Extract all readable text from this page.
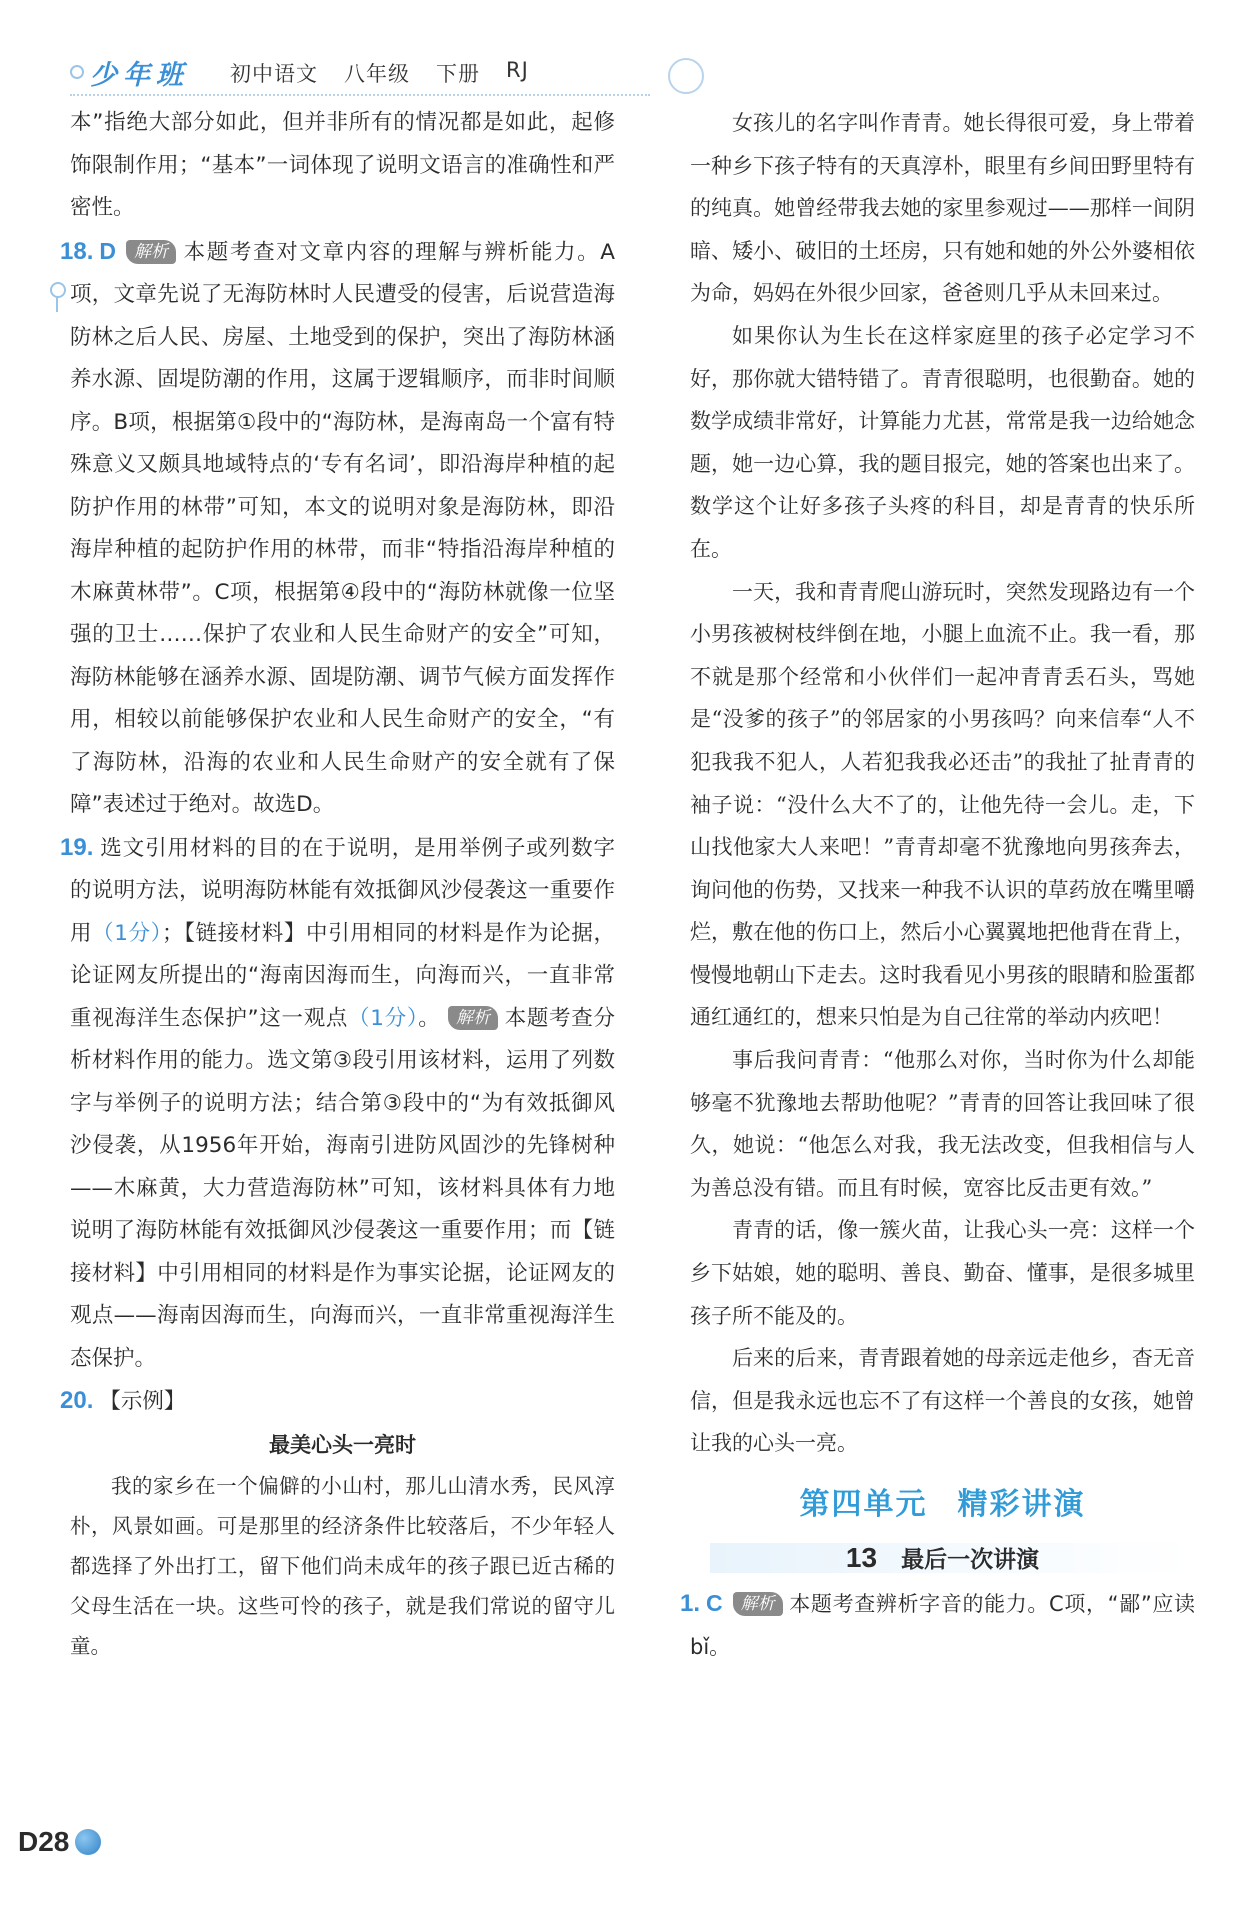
少年班 初中语文 八年级 下册 RJ

本”指绝大部分如此，但并非所有的情况都是如此，起修饰限制作用；“基本”一词体现了说明文语言的准确性和严密性。

18. D 解析 本题考查对文章内容的理解与辨析能力。A项，文章先说了无海防林时人民遭受的侵害，后说营造海防林之后人民、房屋、土地受到的保护，突出了海防林涵养水源、固堤防潮的作用，这属于逻辑顺序，而非时间顺序。B项，根据第①段中的“海防林，是海南岛一个富有特殊意义又颇具地域特点的‘专有名词’，即沿海岸种植的起防护作用的林带”可知，本文的说明对象是海防林，即沿海岸种植的起防护作用的林带，而非“特指沿海岸种植的木麻黄林带”。C项，根据第④段中的“海防林就像一位坚强的卫士……保护了农业和人民生命财产的安全”可知，海防林能够在涵养水源、固堤防潮、调节气候方面发挥作用，相较以前能够保护农业和人民生命财产的安全，“有了海防林，沿海的农业和人民生命财产的安全就有了保障”表述过于绝对。故选D。

19. 选文引用材料的目的在于说明，是用举例子或列数字的说明方法，说明海防林能有效抵御风沙侵袭这一重要作用（1分）；【链接材料】中引用相同的材料是作为论据，论证网友所提出的“海南因海而生，向海而兴，一直非常重视海洋生态保护”这一观点（1分）。 解析 本题考查分析材料作用的能力。选文第③段引用该材料，运用了列数字与举例子的说明方法；结合第③段中的“为有效抵御风沙侵袭，从1956年开始，海南引进防风固沙的先锋树种——木麻黄，大力营造海防林”可知，该材料具体有力地说明了海防林能有效抵御风沙侵袭这一重要作用；而【链接材料】中引用相同的材料是作为事实论据，论证网友的观点——海南因海而生，向海而兴，一直非常重视海洋生态保护。

20. 【示例】

最美心头一亮时

我的家乡在一个偏僻的小山村，那儿山清水秀，民风淳朴，风景如画。可是那里的经济条件比较落后，不少年轻人都选择了外出打工，留下他们尚未成年的孩子跟已近古稀的父母生活在一块。这些可怜的孩子，就是我们常说的留守儿童。

女孩儿的名字叫作青青。她长得很可爱，身上带着一种乡下孩子特有的天真淳朴，眼里有乡间田野里特有的纯真。她曾经带我去她的家里参观过——那样一间阴暗、矮小、破旧的土坯房，只有她和她的外公外婆相依为命，妈妈在外很少回家，爸爸则几乎从未回来过。

如果你认为生长在这样家庭里的孩子必定学习不好，那你就大错特错了。青青很聪明，也很勤奋。她的数学成绩非常好，计算能力尤甚，常常是我一边给她念题，她一边心算，我的题目报完，她的答案也出来了。数学这个让好多孩子头疼的科目，却是青青的快乐所在。

一天，我和青青爬山游玩时，突然发现路边有一个小男孩被树枝绊倒在地，小腿上血流不止。我一看，那不就是那个经常和小伙伴们一起冲青青丢石头，骂她是“没爹的孩子”的邻居家的小男孩吗？向来信奉“人不犯我我不犯人，人若犯我我必还击”的我扯了扯青青的袖子说：“没什么大不了的，让他先待一会儿。走，下山找他家大人来吧！”青青却毫不犹豫地向男孩奔去，询问他的伤势，又找来一种我不认识的草药放在嘴里嚼烂，敷在他的伤口上，然后小心翼翼地把他背在背上，慢慢地朝山下走去。这时我看见小男孩的眼睛和脸蛋都通红通红的，想来只怕是为自己往常的举动内疚吧！

事后我问青青：“他那么对你，当时你为什么却能够毫不犹豫地去帮助他呢？”青青的回答让我回味了很久，她说：“他怎么对我，我无法改变，但我相信与人为善总没有错。而且有时候，宽容比反击更有效。”

青青的话，像一簇火苗，让我心头一亮：这样一个乡下姑娘，她的聪明、善良、勤奋、懂事，是很多城里孩子所不能及的。

后来的后来，青青跟着她的母亲远走他乡，杳无音信，但是我永远也忘不了有这样一个善良的女孩，她曾让我的心头一亮。

第四单元 精彩讲演
13 最后一次讲演

1. C 解析 本题考查辨析字音的能力。C项，“鄙”应读bǐ。

D28
